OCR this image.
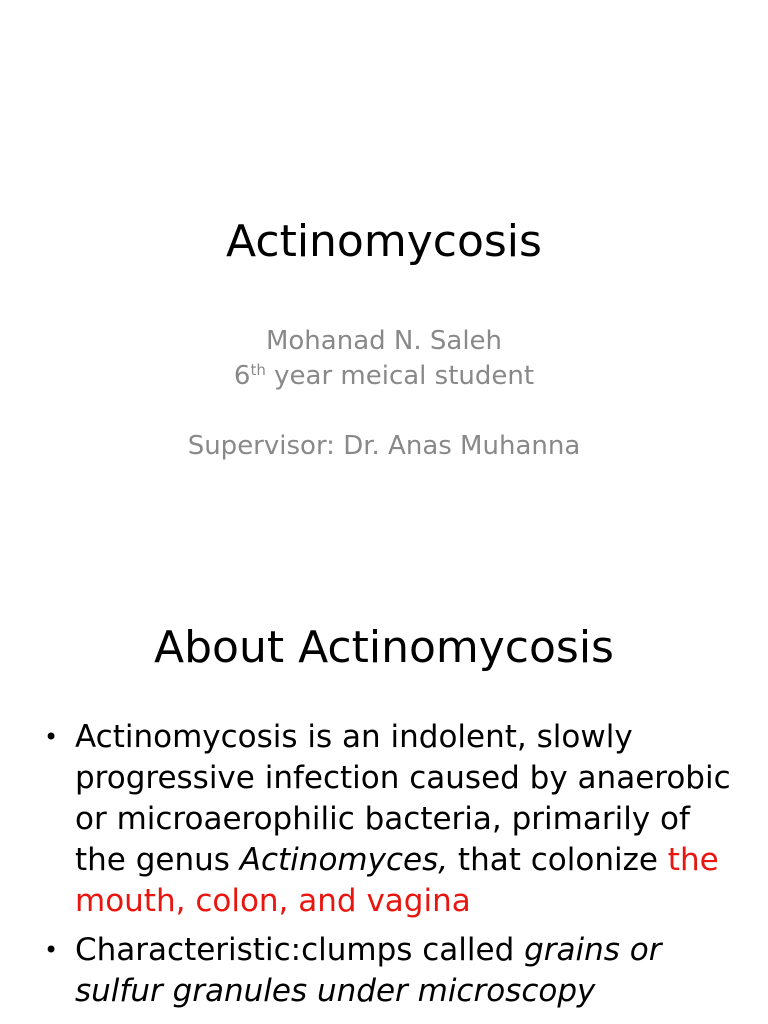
Actinomycosis
Mohanad N. Saleh
6th year meical student
Supervisor: Dr. Anas Muhanna
About Actinomycosis
• Actinomycosis is an indolent, slowly progressive infection caused by anaerobic or microaerophilic bacteria, primarily of the genus Actinomyces, that colonize the mouth, colon, and vagina
• Characteristic:clumps called grains or sulfur granules under microscopy
